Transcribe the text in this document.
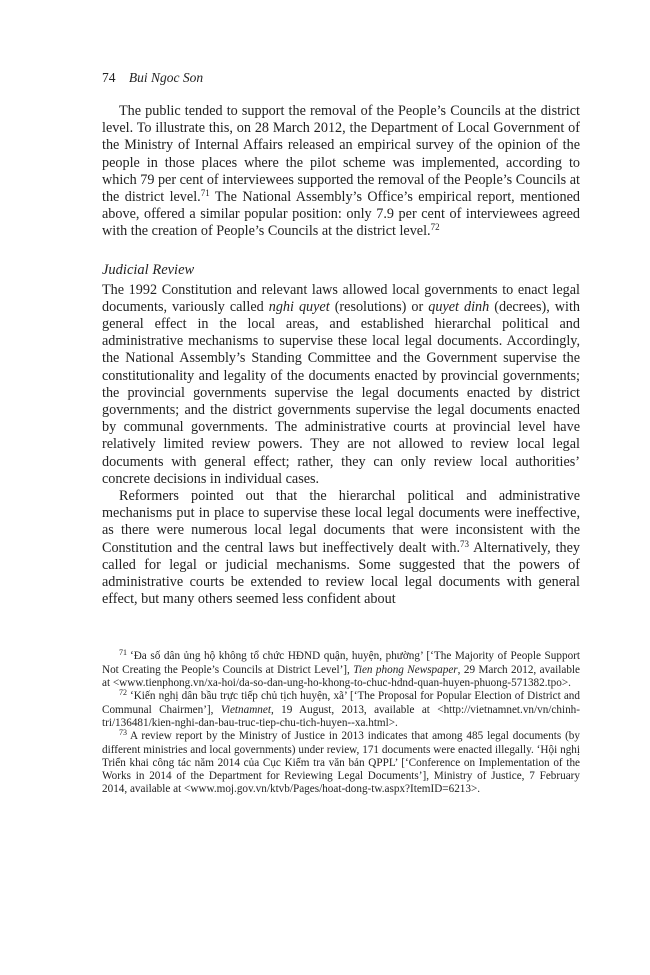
74 Bui Ngoc Son

The public tended to support the removal of the People’s Councils at the district level. To illustrate this, on 28 March 2012, the Department of Local Government of the Ministry of Internal Affairs released an empirical survey of the opinion of the people in those places where the pilot scheme was implemented, according to which 79 per cent of interviewees supported the removal of the People’s Councils at the district level.$^{71}$ The National Assembly’s Office’s empirical report, mentioned above, offered a similar popular position: only 7.9 per cent of interviewees agreed with the creation of People’s Councils at the district level.$^{72}$

Judicial Review

The 1992 Constitution and relevant laws allowed local governments to enact legal documents, variously called nghi quyet (resolutions) or quyet dinh (decrees), with general effect in the local areas, and established hierarchal political and administrative mechanisms to supervise these local legal documents. Accordingly, the National Assembly’s Standing Committee and the Government supervise the constitutionality and legality of the documents enacted by provincial governments; the provincial governments supervise the legal documents enacted by district governments; and the district governments supervise the legal documents enacted by communal governments. The administrative courts at provincial level have relatively limited review powers. They are not allowed to review local legal documents with general effect; rather, they can only review local authorities’ concrete decisions in individual cases.

Reformers pointed out that the hierarchal political and administrative mechanisms put in place to supervise these local legal documents were ineffective, as there were numerous local legal documents that were inconsistent with the Constitution and the central laws but ineffectively dealt with.$^{73}$ Alternatively, they called for legal or judicial mechanisms. Some suggested that the powers of administrative courts be extended to review local legal documents with general effect, but many others seemed less confident about

$^{71}$ ‘Đa số dân ủng hộ không tổ chức HĐND quận, huyện, phường’ [‘The Majority of People Support Not Creating the People’s Councils at District Level’], Tien phong Newspaper, 29 March 2012, available at <www.tienphong.vn/xa-hoi/da-so-dan-ung-ho-khong-to-chuc-hdnd-quan-huyen-phuong-571382.tpo>.

$^{72}$ ‘Kiến nghị dân bầu trực tiếp chủ tịch huyện, xã’ [‘The Proposal for Popular Election of District and Communal Chairmen’], Vietnamnet, 19 August, 2013, available at <http://vietnamnet.vn/vn/chinh-tri/136481/kien-nghi-dan-bau-truc-tiep-chu-tich-huyen--xa.html>.

$^{73}$ A review report by the Ministry of Justice in 2013 indicates that among 485 legal documents (by different ministries and local governments) under review, 171 documents were enacted illegally. ‘Hội nghị Triển khai công tác năm 2014 của Cục Kiểm tra văn bản QPPL’ [‘Conference on Implementation of the Works in 2014 of the Department for Reviewing Legal Documents’], Ministry of Justice, 7 February 2014, available at <www.moj.gov.vn/ktvb/Pages/hoat-dong-tw.aspx?ItemID=6213>.
